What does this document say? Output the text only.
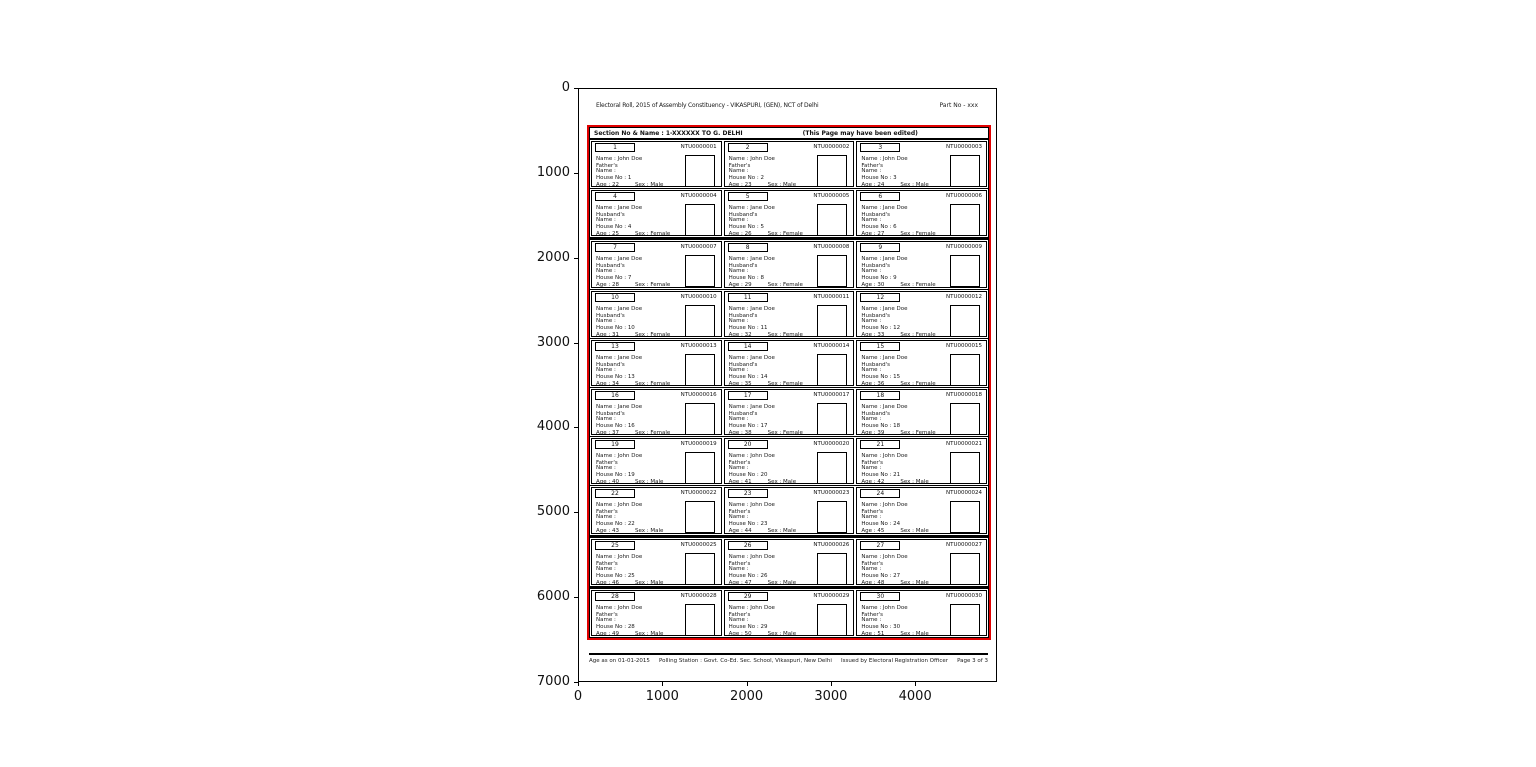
Electoral Roll, 2015 of Assembly Constituency - VIKASPURI, (GEN), NCT of Delhi	Part No - xxx
Section No & Name : 1-XXXXXX TO G. DELHI	(This Page may have been edited)
1	NTU0000001
Name : John Doe
Father's
Name :
House No : 1
Age : 22	Sex : Male
2	NTU0000002
Name : John Doe
Father's
Name :
House No : 2
Age : 23	Sex : Male
3	NTU0000003
Name : John Doe
Father's
Name :
House No : 3
Age : 24	Sex : Male
4	NTU0000004
Name : Jane Doe
Husband's
Name :
House No : 4
Age : 25	Sex : Female
5	NTU0000005
Name : Jane Doe
Husband's
Name :
House No : 5
Age : 26	Sex : Female
6	NTU0000006
Name : Jane Doe
Husband's
Name :
House No : 6
Age : 27	Sex : Female
7	NTU0000007
Name : Jane Doe
Husband's
Name :
House No : 7
Age : 28	Sex : Female
8	NTU0000008
Name : Jane Doe
Husband's
Name :
House No : 8
Age : 29	Sex : Female
9	NTU0000009
Name : Jane Doe
Husband's
Name :
House No : 9
Age : 30	Sex : Female
10	NTU0000010
Name : Jane Doe
Husband's
Name :
House No : 10
Age : 31	Sex : Female
11	NTU0000011
Name : Jane Doe
Husband's
Name :
House No : 11
Age : 32	Sex : Female
12	NTU0000012
Name : Jane Doe
Husband's
Name :
House No : 12
Age : 33	Sex : Female
13	NTU0000013
Name : Jane Doe
Husband's
Name :
House No : 13
Age : 34	Sex : Female
14	NTU0000014
Name : Jane Doe
Husband's
Name :
House No : 14
Age : 35	Sex : Female
15	NTU0000015
Name : Jane Doe
Husband's
Name :
House No : 15
Age : 36	Sex : Female
16	NTU0000016
Name : Jane Doe
Husband's
Name :
House No : 16
Age : 37	Sex : Female
17	NTU0000017
Name : Jane Doe
Husband's
Name :
House No : 17
Age : 38	Sex : Female
18	NTU0000018
Name : Jane Doe
Husband's
Name :
House No : 18
Age : 39	Sex : Female
19	NTU0000019
Name : John Doe
Father's
Name :
House No : 19
Age : 40	Sex : Male
20	NTU0000020
Name : John Doe
Father's
Name :
House No : 20
Age : 41	Sex : Male
21	NTU0000021
Name : John Doe
Father's
Name :
House No : 21
Age : 42	Sex : Male
22	NTU0000022
Name : John Doe
Father's
Name :
House No : 22
Age : 43	Sex : Male
23	NTU0000023
Name : John Doe
Father's
Name :
House No : 23
Age : 44	Sex : Male
24	NTU0000024
Name : John Doe
Father's
Name :
House No : 24
Age : 45	Sex : Male
25	NTU0000025
Name : John Doe
Father's
Name :
House No : 25
Age : 46	Sex : Male
26	NTU0000026
Name : John Doe
Father's
Name :
House No : 26
Age : 47	Sex : Male
27	NTU0000027
Name : John Doe
Father's
Name :
House No : 27
Age : 48	Sex : Male
28	NTU0000028
Name : John Doe
Father's
Name :
House No : 28
Age : 49	Sex : Male
29	NTU0000029
Name : John Doe
Father's
Name :
House No : 29
Age : 50	Sex : Male
30	NTU0000030
Name : John Doe
Father's
Name :
House No : 30
Age : 51	Sex : Male
Age as on 01-01-2015 Polling Station : Govt. Co-Ed. Sec. School, Vikaspuri, New Delhi Issued by Electoral Registration Officer Page 3 of 3
0
1000
2000
3000
4000
5000
6000
7000
0	1000	2000	3000	4000
